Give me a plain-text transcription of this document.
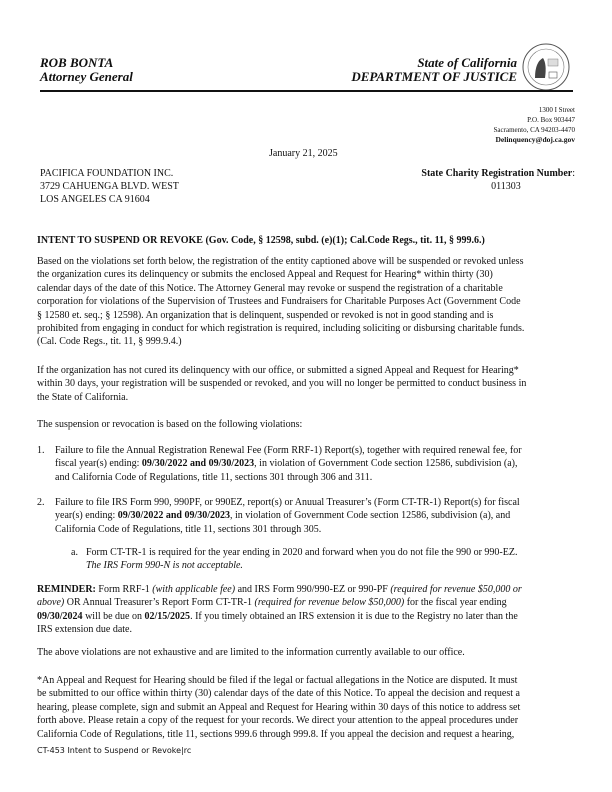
ROB BONTA
Attorney General
State of California
DEPARTMENT OF JUSTICE
1300 I Street
P.O. Box 903447
Sacramento, CA 94203-4470
Delinquency@doj.ca.gov
January 21, 2025
PACIFICA FOUNDATION INC.
3729 CAHUENGA BLVD. WEST
LOS ANGELES CA 91604
State Charity Registration Number:
011303
INTENT TO SUSPEND OR REVOKE (Gov. Code, § 12598, subd. (e)(1); Cal.Code Regs., tit. 11, § 999.6.)
Based on the violations set forth below, the registration of the entity captioned above will be suspended or revoked unless
the organization cures its delinquency or submits the enclosed Appeal and Request for Hearing* within thirty (30)
calendar days of the date of this Notice. The Attorney General may revoke or suspend the registration of a charitable
corporation for violations of the Supervision of Trustees and Fundraisers for Charitable Purposes Act (Government Code
§ 12580 et. seq.; § 12598). An organization that is delinquent, suspended or revoked is not in good standing and is
prohibited from engaging in conduct for which registration is required, including soliciting or disbursing charitable funds.
(Cal. Code Regs., tit. 11, § 999.9.4.)
If the organization has not cured its delinquency with our office, or submitted a signed Appeal and Request for Hearing*
within 30 days, your registration will be suspended or revoked, and you will no longer be permitted to conduct business in
the State of California.
The suspension or revocation is based on the following violations:
1. Failure to file the Annual Registration Renewal Fee (Form RRF-1) Report(s), together with required renewal fee, for
fiscal year(s) ending: 09/30/2022 and 09/30/2023, in violation of Government Code section 12586, subdivision (a),
and California Code of Regulations, title 11, sections 301 through 306 and 311.
2. Failure to file IRS Form 990, 990PF, or 990EZ, report(s) or Anuual Treasurer’s (Form CT-TR-1) Report(s) for fiscal
year(s) ending: 09/30/2022 and 09/30/2023, in violation of Government Code section 12586, subdivision (a), and
California Code of Regulations, title 11, sections 301 through 305.
a. Form CT-TR-1 is required for the year ending in 2020 and forward when you do not file the 990 or 990-EZ.
The IRS Form 990-N is not acceptable.
REMINDER: Form RRF-1 (with applicable fee) and IRS Form 990/990-EZ or 990-PF (required for revenue $50,000 or
above) OR Annual Treasurer’s Report Form CT-TR-1 (required for revenue below $50,000) for the fiscal year ending
09/30/2024 will be due on 02/15/2025. If you timely obtained an IRS extension it is due to the Registry no later than the
IRS extension due date.
The above violations are not exhaustive and are limited to the information currently available to our office.
*An Appeal and Request for Hearing should be filed if the legal or factual allegations in the Notice are disputed. It must
be submitted to our office within thirty (30) calendar days of the date of this Notice. To appeal the decision and request a
hearing, please complete, sign and submit an Appeal and Request for Hearing within 30 days of this notice to address set
forth above. Please retain a copy of the request for your records. We direct your attention to the appeal procedures under
California Code of Regulations, title 11, sections 999.6 through 999.8. If you appeal the decision and request a hearing,
CT-453 Intent to Suspend or Revoke|rc
